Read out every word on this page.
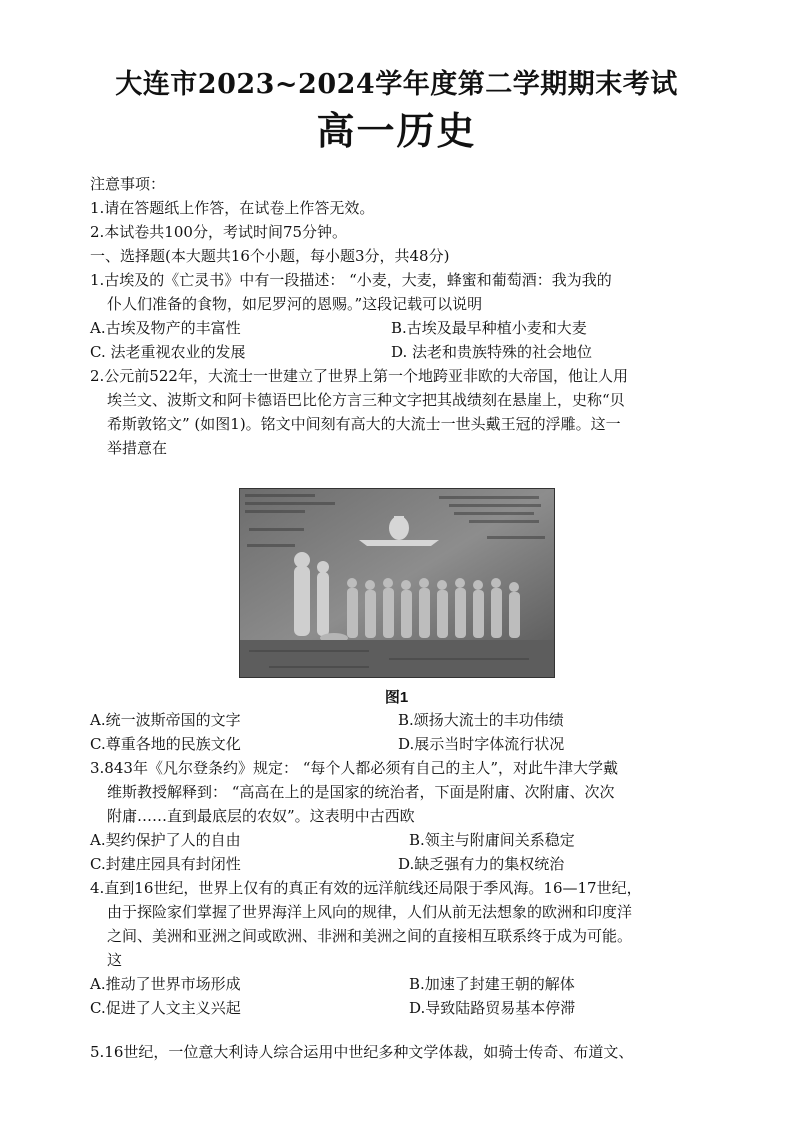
大连市2023~2024学年度第二学期期末考试
高一历史
注意事项：
1.请在答题纸上作答，在试卷上作答无效。
2.本试卷共100分，考试时间75分钟。
一、选择题(本大题共16个小题，每小题3分，共48分)
1.古埃及的《亡灵书》中有一段描述： “小麦，大麦，蜂蜜和葡萄酒：我为我的
仆人们准备的食物，如尼罗河的恩赐。”这段记载可以说明
A.古埃及物产的丰富性	B.古埃及最早种植小麦和大麦
C. 法老重视农业的发展	D. 法老和贵族特殊的社会地位
2.公元前522年，大流士一世建立了世界上第一个地跨亚非欧的大帝国，他让人用
埃兰文、波斯文和阿卡德语巴比伦方言三种文字把其战绩刻在悬崖上，史称“贝
希斯敦铭文” (如图1)。铭文中间刻有高大的大流士一世头戴王冠的浮雕。这一
举措意在
图1
A.统一波斯帝国的文字	B.颂扬大流士的丰功伟绩
C.尊重各地的民族文化	D.展示当时字体流行状况
3.843年《凡尔登条约》规定： “每个人都必须有自己的主人”，对此牛津大学戴
维斯教授解释到： “高高在上的是国家的统治者，下面是附庸、次附庸、次次
附庸……直到最底层的农奴”。这表明中古西欧
A.契约保护了人的自由	B.领主与附庸间关系稳定
C.封建庄园具有封闭性	D.缺乏强有力的集权统治
4.直到16世纪，世界上仅有的真正有效的远洋航线还局限于季风海。16—17世纪，
由于探险家们掌握了世界海洋上风向的规律，人们从前无法想象的欧洲和印度洋
之间、美洲和亚洲之间或欧洲、非洲和美洲之间的直接相互联系终于成为可能。
这
A.推动了世界市场形成	B.加速了封建王朝的解体
C.促进了人文主义兴起	D.导致陆路贸易基本停滞
5.16世纪，一位意大利诗人综合运用中世纪多种文学体裁，如骑士传奇、布道文、
